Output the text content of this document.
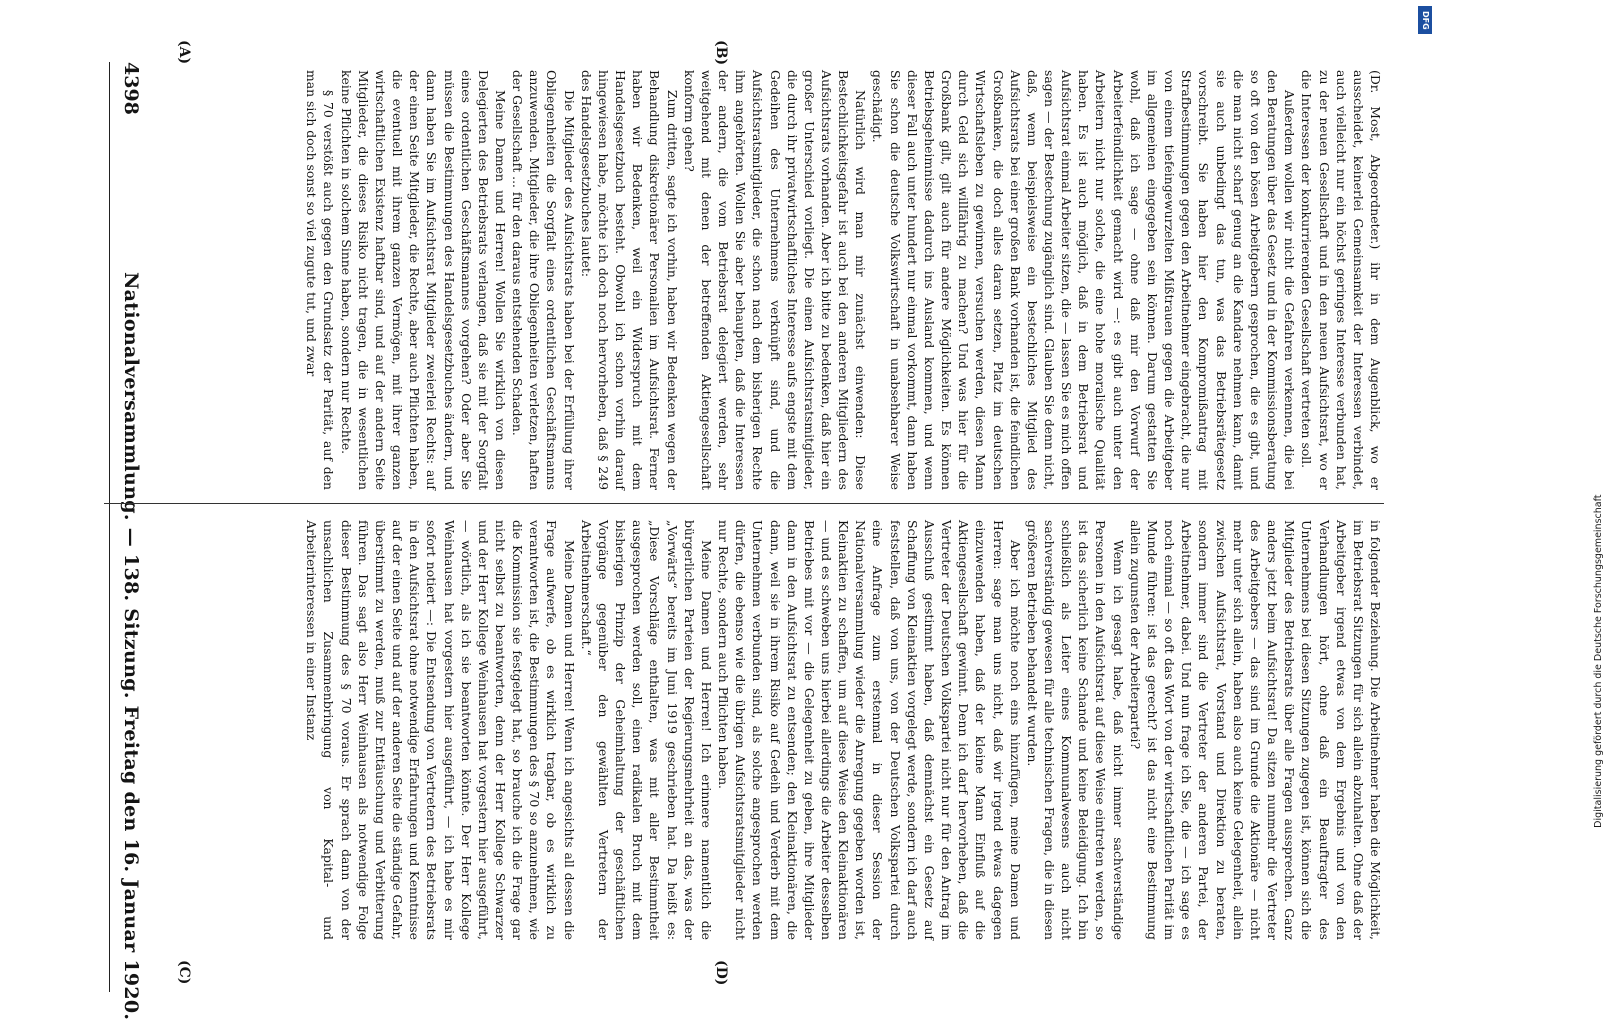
4398
Nationalversammlung. — 138. Sitzung. Freitag den 16. Januar 1920.
(A)	(B)
(C)	(D)

(Dr. Most, Abgeordneter.) ihr in dem Augenblick, wo er ausscheidet, keinerlei Gemeinsamkeit der Interessen verbindet, auch vielleicht nur ein höchst geringes Interesse verbunden hat, zu der neuen Gesellschaft und in den neuen Aufsichtsrat, wo er die Interessen der konkurrierenden Gesellschaft vertreten soll.

Außerdem wollen wir nicht die Gefahren verkennen, die bei den Beratungen über das Gesetz und in der Kommissionsberatung so oft von den bösen Arbeitgebern gesprochen, die es gibt, und die man nicht scharf genug an die Kandare nehmen kann, damit sie auch unbedingt das tun, was das Betriebsrätegesetz vorschreibt. Sie haben hier den Kompromißantrag mit Strafbestimmungen gegen den Arbeitnehmer eingebracht, die nur von einem tiefeingewurzelten Mißtrauen gegen die Arbeitgeber im allgemeinen eingegeben sein können. Darum gestatten Sie wohl, daß ich sage — ohne daß mir den Vorwurf der Arbeiterfeindlichkeit gemacht wird —: es gibt auch unter den Arbeitern nicht nur solche, die eine hohe moralische Qualität haben. Es ist auch möglich, daß in dem Betriebsrat und Aufsichtsrat einmal Arbeiter sitzen, die — lassen Sie es mich offen sagen — der Bestechung zugänglich sind. Glauben Sie denn nicht, daß, wenn beispielsweise ein bestechliches Mitglied des Aufsichtsrats bei einer großen Bank vorhanden ist, die feindlichen Großbanken, die doch alles daran setzen, Platz im deutschen Wirtschaftsleben zu gewinnen, versuchen werden, diesen Mann durch Geld sich willfährig zu machen? Und was hier für die Großbank gilt, gilt auch für andere Möglichkeiten. Es können Betriebsgeheimnisse dadurch ins Ausland kommen, und wenn dieser Fall auch unter hundert nur einmal vorkommt, dann haben Sie schon die deutsche Volkswirtschaft in unabsehbarer Weise geschädigt.

Natürlich wird man mir zunächst einwenden: Diese Bestechlichkeitsgefahr ist auch bei den anderen Mitgliedern des Aufsichtsrats vorhanden. Aber ich bitte zu bedenken, daß hier ein großer Unterschied vorliegt. Die einen Aufsichtsratsmitglieder, die durch ihr privatwirtschaftliches Interesse aufs engste mit dem Gedeihen des Unternehmens verknüpft sind, und die Aufsichtsratsmitglieder, die schon nach dem bisherigen Rechte ihm angehörten. Wollen Sie aber behaupten, daß die Interessen der andern, die vom Betriebsrat delegiert werden, sehr weitgehend mit denen der betreffenden Aktiengesellschaft konform gehen?

Zum dritten, sagte ich vorhin, haben wir Bedenken wegen der Behandlung diskretionärer Personalien im Aufsichtsrat. Ferner haben wir Bedenken, weil ein Widerspruch mit dem Handelsgesetzbuch besteht. Obwohl ich schon vorhin darauf hingewiesen habe, möchte ich doch noch hervorheben, daß § 249 des Handelsgesetzbuches lautet:

Die Mitglieder des Aufsichtsrats haben bei der Erfüllung ihrer Obliegenheiten die Sorgfalt eines ordentlichen Geschäftsmanns anzuwenden. Mitglieder, die ihre Obliegenheiten verletzen, haften der Gesellschaft ... für den daraus entstehenden Schaden.

Meine Damen und Herren! Wollen Sie wirklich von diesen Delegierten des Betriebsrats verlangen, daß sie mit der Sorgfalt eines ordentlichen Geschäftsmannes vorgehen? Oder aber Sie müssen die Bestimmungen des Handelsgesetzbuches ändern, und dann haben Sie im Aufsichtsrat Mitglieder zweierlei Rechts: auf der einen Seite Mitglieder, die Rechte, aber auch Pflichten haben, die eventuell mit ihrem ganzen Vermögen, mit ihrer ganzen wirtschaftlichen Existenz haftbar sind, und auf der andern Seite Mitglieder, die dieses Risiko nicht tragen, die in wesentlichen keine Pflichten in solchem Sinne haben, sondern nur Rechte.

§ 70 verstößt auch gegen den Grundsatz der Parität, auf den man sich doch sonst so viel zugute tut, und zwar

in folgender Beziehung. Die Arbeitnehmer haben die Möglichkeit, im Betriebsrat Sitzungen für sich allein abzuhalten. Ohne daß der Arbeitgeber irgend etwas von dem Ergebnis und von den Verhandlungen hört, ohne daß ein Beauftragter des Unternehmens bei diesen Sitzungen zugegen ist, können sich die Mitglieder des Betriebsrats über alle Fragen aussprechen. Ganz anders jetzt beim Aufsichtsrat! Da sitzen nunmehr die Vertreter des Arbeitgebers — das sind im Grunde die Aktionäre — nicht mehr unter sich allein, haben also auch keine Gelegenheit, allein zwischen Aufsichtsrat, Vorstand und Direktion zu beraten, sondern immer sind die Vertreter der anderen Partei, der Arbeitnehmer, dabei. Und nun frage ich Sie, die — ich sage es noch einmal — so oft das Wort von der wirtschaftlichen Parität im Munde führen: ist das gerecht? ist das nicht eine Bestimmung allein zugunsten der Arbeiterpartei?

Wenn ich gesagt habe, daß nicht immer sachverständige Personen in den Aufsichtsrat auf diese Weise eintreten werden, so ist das sicherlich keine Schande und keine Beleidigung. Ich bin schließlich als Leiter eines Kommunalwesens auch nicht sachverständig gewesen für alle technischen Fragen, die in diesen größeren Betrieben behandelt wurden.

Aber ich möchte noch eins hinzufügen, meine Damen und Herren: sage man uns nicht, daß wir irgend etwas dagegen einzuwenden haben, daß der kleine Mann Einfluß auf die Aktiengesellschaft gewinnt. Denn ich darf hervorheben, daß die Vertreter der Deutschen Volkspartei nicht nur für den Antrag im Ausschuß gestimmt haben, daß demnächst ein Gesetz auf Schaffung von Kleinaktien vorgelegt werde, sondern ich darf auch feststellen, daß von uns, von der Deutschen Volkspartei durch eine Anfrage zum erstenmal in dieser Session der Nationalversammlung wieder die Anregung gegeben worden ist, Kleinaktien zu schaffen, um auf diese Weise den Kleinaktionären — und es schweben uns hierbei allerdings die Arbeiter desselben Betriebes mit vor — die Gelegenheit zu geben, ihre Mitglieder dann in den Aufsichtsrat zu entsenden; den Kleinaktionären, die dann, weil sie in ihrem Risiko auf Gedeih und Verderb mit dem Unternehmen verbunden sind, als solche angesprochen werden dürfen, die ebenso wie die übrigen Aufsichtsratsmitglieder nicht nur Rechte, sondern auch Pflichten haben.

Meine Damen und Herren! Ich erinnere namentlich die bürgerlichen Parteien der Regierungsmehrheit an das, was der „Vorwärts“ bereits im Juni 1919 geschrieben hat. Da heißt es: „Diese Vorschläge enthalten, was mit aller Bestimmtheit ausgesprochen werden soll, einen radikalen Bruch mit dem bisherigen Prinzip der Geheimhaltung der geschäftlichen Vorgänge gegenüber den gewählten Vertretern der Arbeitnehmerschaft.“

Meine Damen und Herren! Wenn ich angesichts all dessen die Frage aufwerfe, ob es wirklich tragbar, ob es wirklich zu verantworten ist, die Bestimmungen des § 70 so anzunehmen, wie die Kommission sie festgelegt hat, so brauche ich die Frage gar nicht selbst zu beantworten, denn der Herr Kollege Schwarzer und der Herr Kollege Weinhausen hat vorgestern hier ausgeführt, — wörtlich, als ich sie beantworten könnte. Der Herr Kollege Weinhausen hat vorgestern hier ausgeführt, — ich habe es mir sofort notiert —: Die Entsendung von Vertretern des Betriebsrats in den Aufsichtsrat ohne notwendige Erfahrungen und Kenntnisse auf der einen Seite und auf der anderen Seite die ständige Gefahr, überstimmt zu werden, muß zur Enttäuschung und Verbitterung führen. Das sagt also Herr Weinhausen als notwendige Folge dieser Bestimmung des § 70 voraus. Er sprach dann von der unsachlichen Zusammenbringung von Kapital- und Arbeiterinteressen in einer Instanz

DFG
Digitalisierung gefördert durch die Deutsche Forschungsgemeinschaft
